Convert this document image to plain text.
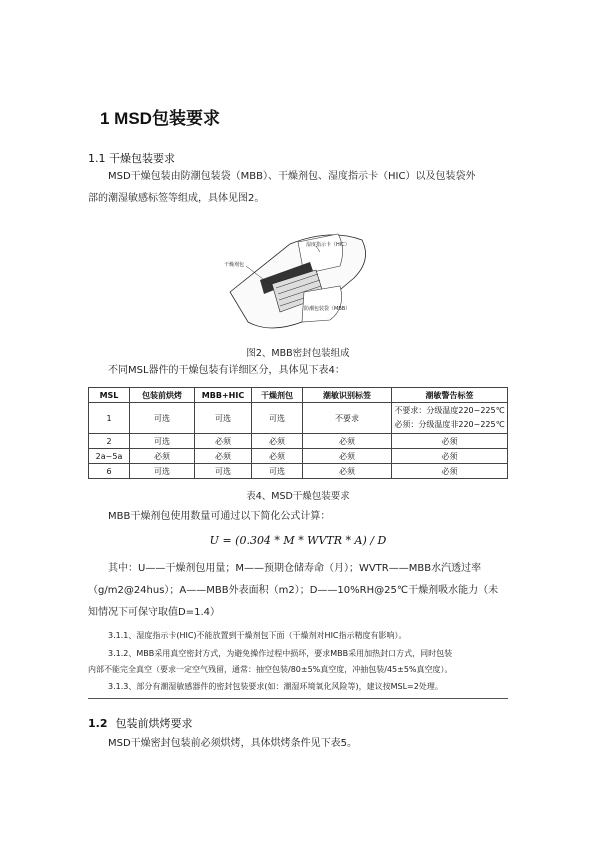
1 MSD包装要求
1.1 干燥包装要求
MSD干燥包装由防潮包装袋（MBB）、干燥剂包、湿度指示卡（HIC）以及包装袋外
部的潮湿敏感标签等组成，具体见图2。
湿度指示卡（HIC）
干燥剂包
防潮包装袋（MBB）
图2、MBB密封包装组成
不同MSL器件的干燥包装有详细区分，具体见下表4：
MSL	包装前烘烤	MBB+HIC	干燥剂包	潮敏识别标签	潮敏警告标签
1	可选	可选	可选	不要求	不要求：分级温度220~225℃
必须：分级温度非220~225℃

2	可选	必须	必须	必须	必须
2a~5a	必须	必须	必须	必须	必须
6	可选	可选	可选	必须	必须
表4、MSD干燥包装要求
MBB干燥剂包使用数量可通过以下简化公式计算：
U = (0.304 * M * WVTR * A) / D
其中：U——干燥剂包用量；M——预期仓储寿命（月）；WVTR——MBB水汽透过率
（g/m2@24hus）；A——MBB外表面积（m2）；D——10%RH@25℃干燥剂吸水能力（未
知情况下可保守取值D=1.4）
3.1.1、湿度指示卡(HIC)不能放置到干燥剂包下面（干燥剂对HIC指示精度有影响）。
3.1.2、MBB采用真空密封方式，为避免操作过程中损坏，要求MBB采用加热封口方式，同时包装
内部不能完全真空（要求一定空气残留，通常：抽空包装/80±5%真空度，冲抽包装/45±5%真空度）。
3.1.3、部分有潮湿敏感器件的密封包装要求(如：潮湿环境氧化风险等)，建议按MSL=2处理。
1.2 包装前烘烤要求
MSD干燥密封包装前必须烘烤，具体烘烤条件见下表5。
